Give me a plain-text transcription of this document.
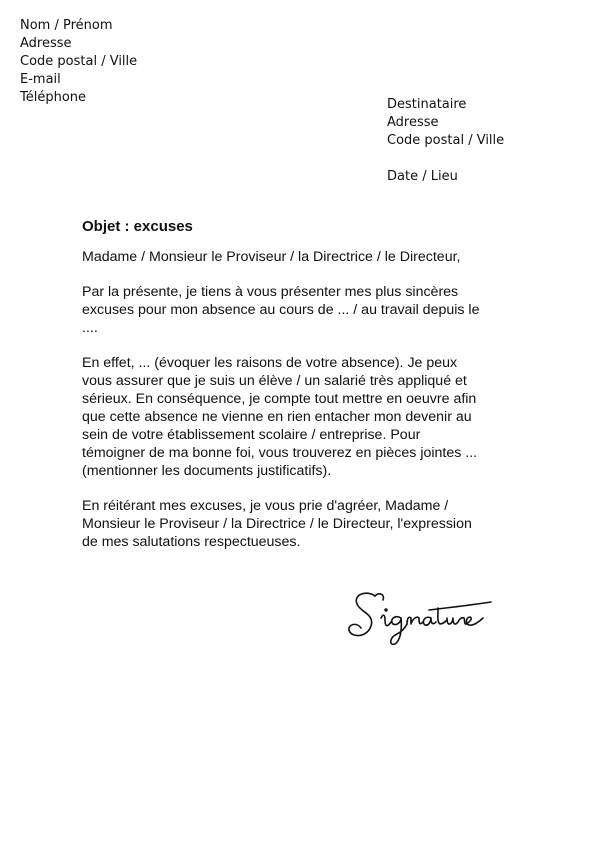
Nom / Prénom
Adresse
Code postal / Ville
E-mail
Téléphone	Destinataire
Adresse
Code postal / Ville
Date / Lieu
Objet : excuses
Madame / Monsieur le Proviseur / la Directrice / le Directeur,
Par la présente, je tiens à vous présenter mes plus sincères
excuses pour mon absence au cours de ... / au travail depuis le
....
En effet, ... (évoquer les raisons de votre absence). Je peux
vous assurer que je suis un élève / un salarié très appliqué et
sérieux. En conséquence, je compte tout mettre en oeuvre afin
que cette absence ne vienne en rien entacher mon devenir au
sein de votre établissement scolaire / entreprise. Pour
témoigner de ma bonne foi, vous trouverez en pièces jointes ...
(mentionner les documents justificatifs).
En réitérant mes excuses, je vous prie d'agréer, Madame /
Monsieur le Proviseur / la Directrice / le Directeur, l'expression
de mes salutations respectueuses.
